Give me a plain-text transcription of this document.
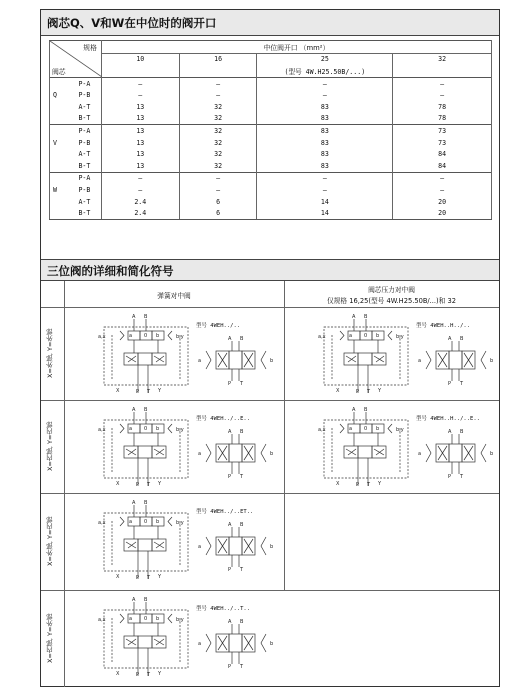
阀芯Q、V和W在中位时的阀开口
规格
阀芯		中位阀开口 （mm²）			
		10	16	25	32
				(型号 4W.H25.50B/...)	
	P-A	–	–	–	–
Q	P-B	–	–	–	–
	A-T	13	32	83	78
	B-T	13	32	83	78
	P-A	13	32	83	73
V	P-B	13	32	83	73
	A-T	13	32	83	84
	B-T	13	32	83	84
	P-A	–	–	–	–
W	P-B	–	–	–	–
	A-T	2.4	6	14	20
	B-T	2.4	6	14	20
三位阀的详细和简化符号
弹簧对中阀
阀芯压力对中阀
仅规格 16,25(型号 4W.H25.50B/...)和 32
X=外部, Y=外部
X=内部, Y=内部
X=外部, Y=内部
X=内部, Y=外部
A B
P T
X	Y
a,x	b,y
a 0 b	A B
P T
a	b
型号 4WEH../..
A B
P T
X	Y
a,x	b,y
a 0 b	A B
P T
a	b
型号 4WEH..H../..
A B
P T
X	Y
a,x	b,y
a 0 b	A B
P T
a	b
型号 4WEH../..E..
A B
P T
X	Y
a,x	b,y
a 0 b	A B
P T
a	b
型号 4WEH..H../..E..
A B
P T
X	Y
a,x	b,y
a 0 b	A B
P T
a	b
型号 4WEH../..ET..
A B
P T
X	Y
a,x	b,y
a 0 b	A B
P T
a	b
型号 4WEH../..T..
